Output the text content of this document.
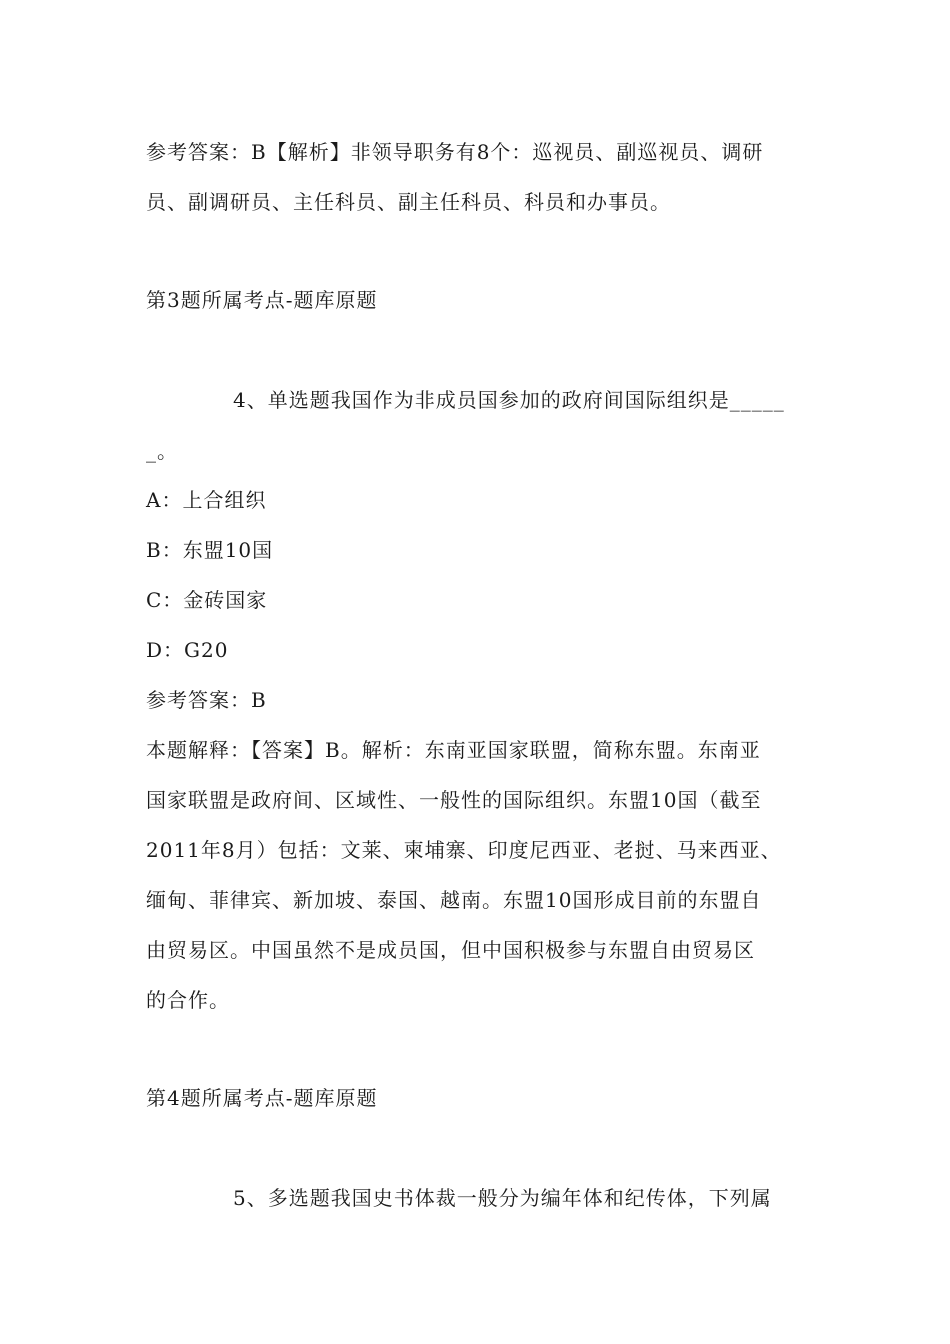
参考答案：B【解析】非领导职务有8个：巡视员、副巡视员、调研
员、副调研员、主任科员、副主任科员、科员和办事员。
第3题所属考点-题库原题
4、单选题我国作为非成员国参加的政府间国际组织是_____
_。
A：上合组织
B：东盟10国
C：金砖国家
D：G20
参考答案：B
本题解释：【答案】B。解析：东南亚国家联盟，简称东盟。东南亚
国家联盟是政府间、区域性、一般性的国际组织。东盟10国（截至
2011年8月）包括：文莱、柬埔寨、印度尼西亚、老挝、马来西亚、
缅甸、菲律宾、新加坡、泰国、越南。东盟10国形成目前的东盟自
由贸易区。中国虽然不是成员国，但中国积极参与东盟自由贸易区
的合作。
第4题所属考点-题库原题
5、多选题我国史书体裁一般分为编年体和纪传体，下列属
